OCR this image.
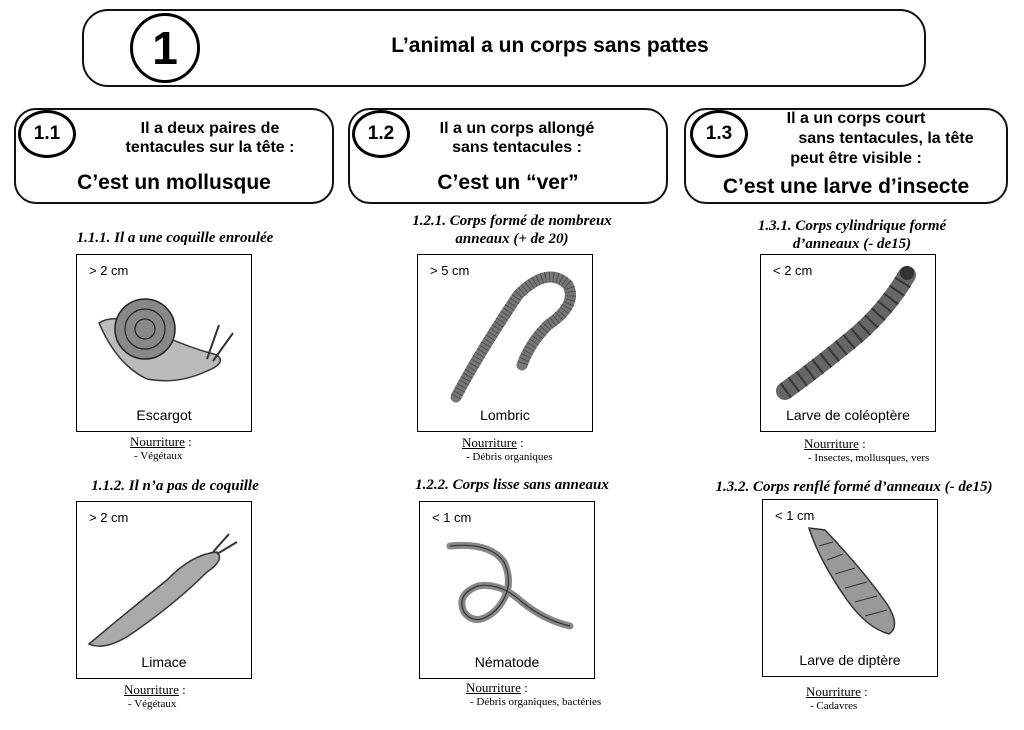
1	L’animal a un corps sans pattes
1.1	Il a deux paires de
tentacules sur la tête :
C’est un mollusque
1.2	Il a un corps allongé
sans tentacules :
C’est un “ver”
1.3
Il a un corps court
sans tentacules, la tête
peut être visible :
C’est une larve d’insecte
1.1.1. Il a une coquille enroulée
1.1.2. Il n’a pas de coquille
1.2.1. Corps formé de nombreux
anneaux (+ de 20)
1.2.2. Corps lisse sans anneaux
1.3.1. Corps cylindrique formé
d’anneaux (- de15)
1.3.2. Corps renflé formé d’anneaux (- de15)
> 2 cm
Escargot
Nourriture :
- Végétaux
> 2 cm
Limace
Nourriture :
- Végétaux
> 5 cm
Lombric
Nourriture :
- Débris organiques
< 1 cm
Nématode
Nourriture :
- Débris organiques, bactéries
< 2 cm
Larve de coléoptère
Nourriture :
- Insectes, mollusques, vers
< 1 cm
Larve de diptère
Nourriture :
- Cadavres
